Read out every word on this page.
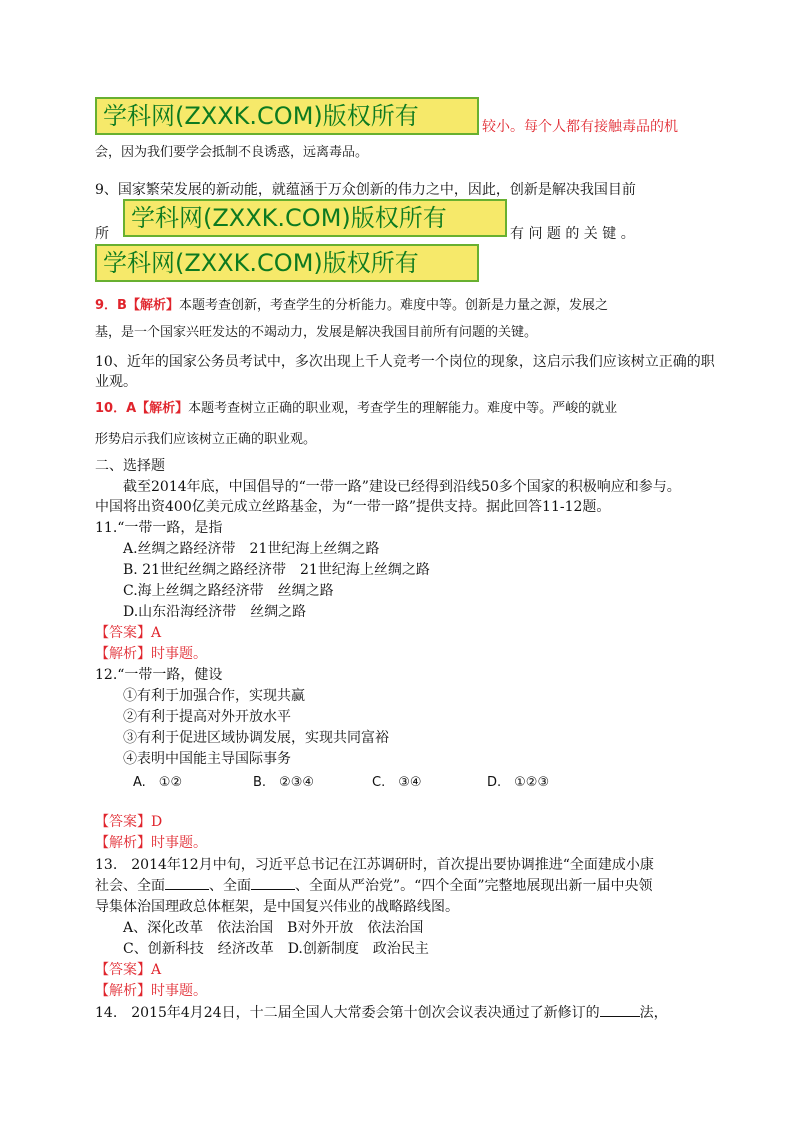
学科网(ZXXK.COM)版权所有
学科网(ZXXK.COM)版权所有
学科网(ZXXK.COM)版权所有
较小。每个人都有接触毒品的机
会，因为我们要学会抵制不良诱惑，远离毒品。
9、国家繁荣发展的新动能，就蕴涵于万众创新的伟力之中，因此，创新是解决我国目前
所	有 问 题 的 关 键 。
9．B【解析】本题考查创新，考查学生的分析能力。难度中等。创新是力量之源，发展之
基，是一个国家兴旺发达的不竭动力，发展是解决我国目前所有问题的关键。
10、近年的国家公务员考试中，多次出现上千人竞考一个岗位的现象，这启示我们应该树立正确的职
业观。
10．A【解析】本题考查树立正确的职业观，考查学生的理解能力。难度中等。严峻的就业
形势启示我们应该树立正确的职业观。
二、选择题
截至2014年底，中国倡导的“一带一路”建设已经得到沿线50多个国家的积极响应和参与。
中国将出资400亿美元成立丝路基金，为“一带一路”提供支持。据此回答11-12题。
11.“一带一路，是指
A.丝绸之路经济带　21世纪海上丝绸之路
B. 21世纪丝绸之路经济带　21世纪海上丝绸之路
C.海上丝绸之路经济带　丝绸之路
D.山东沿海经济带　丝绸之路
【答案】A
【解析】时事题。
12.“一带一路，健设
①有利于加强合作，实现共赢
②有利于提高对外开放水平
③有利于促进区域协调发展，实现共同富裕
④表明中国能主导国际事务
A.　①②	B.　②③④	C.　③④	D.　①②③
【答案】D
【解析】时事题。
13.　2014年12月中旬，习近平总书记在江苏调研时，首次提出要协调推进“全面建成小康
社会、全面	、全面	、全面从严治党”。“四个全面”完整地展现出新一届中央领
导集体治国理政总体框架，是中国复兴伟业的战略路线图。
A、深化改革　依法治国　B对外开放　依法治国
C、创新科技　经济改革　D.创新制度　政治民主
【答案】A
【解析】时事题。
14.　2015年4月24日，十二届全国人大常委会第十创次会议表决通过了新修订的	法，
